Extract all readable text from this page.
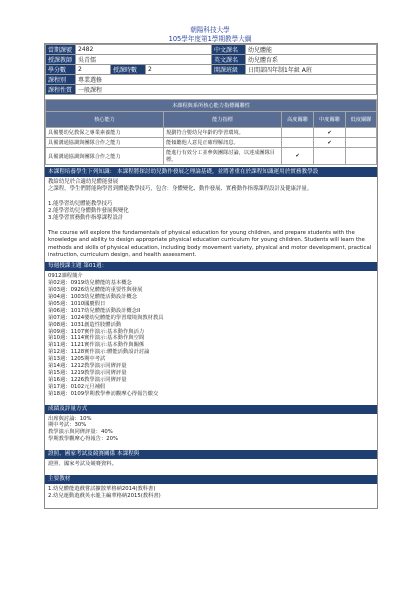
朝陽科技大學
105學年度第1學期教學大綱
當期課號	2482			中文課名	幼兒體能
授課教師	吳青儒			英文課名	幼兒體育系
學分數	2	授課時數	2	開課班級	日間部四年制1年級 A班
課程別	專業選修				
課程性質	一般課程				
本課程與系所核心能力指標關聯性				
核心能力	能力指標	高度關聯	中度關聯	低度關聯
具備嬰幼兒教保之專業素養能力	規劃符合嬰幼兒年齡的學習環境。		✔	
具備溝通協調與團隊合作之能力	能傾聽他人意見正確理解訊息。		✔	
具備溝通協調與團隊合作之能力	能進行有效分工並參與團隊討論，以達成團隊目標。	✔		
本課程培養學生下列知識： 本課程將探討幼兒動作發展之理論基礎，並將著重在於課程知識運用於實務教學設
教給幼兒於合適幼兒體能發展
之課程，學生們將能夠學習到體能教學技巧，包含：身體變化、動作發展、實務動作指導課程設計及健康評量。

1.能學習幼兒體能教學技巧
2.能學習幼兒身體動作發展與變化
3.能學習實務動作指導課程設計

The course will explore the fundamentals of physical education for young children, and prepare students with the knowledge and ability to design appropriate physical education curriculum for young children. Students will learn the methods and skills of physical education, including body movement variety, physical and motor development, practical instruction, curriculum design, and health assessment.
每週授課主題 第01週：
0912課程簡介
第02週：0919幼兒體能的基本概念
第03週：0926幼兒體能的重要性與發展
第04週：1003幼兒體能活動設計概念
第05週：1010國慶假日
第06週：1017幼兒體能活動設計概念II
第07週：1024嬰幼兒體能的學習環境與教材教具
第08週：1031創造性肢體活動
第09週：1107實作演示:基本動作與活力
第10週：1114實作演示:基本動作與空間
第11週：1121實作演示:基本動作與關係
第12週：1128實作演示:體能活動設計討論
第13週：1205期中考試
第14週：1212教學演示同儕評量
第15週：1219教學演示同儕評量
第16週：1226教學演示同儕評量
第17週：0102元旦補假
第18週：0109學期教學參訪觀摩心得報告繳交
成績及評量方式
出席與討論：10%
期中考試：30%
教學演示與同儕評量：40%
學期教學觀摩心得報告：20%
證照、國家考試及競賽關係 本課程與
證照、國家考試及競賽資料。
主要教材
1.幼兒體能遊戲嘗試擴散華格納2014(教科書)
2.幼兒運動遊戲英水龍主編華格納2015(教科書)
